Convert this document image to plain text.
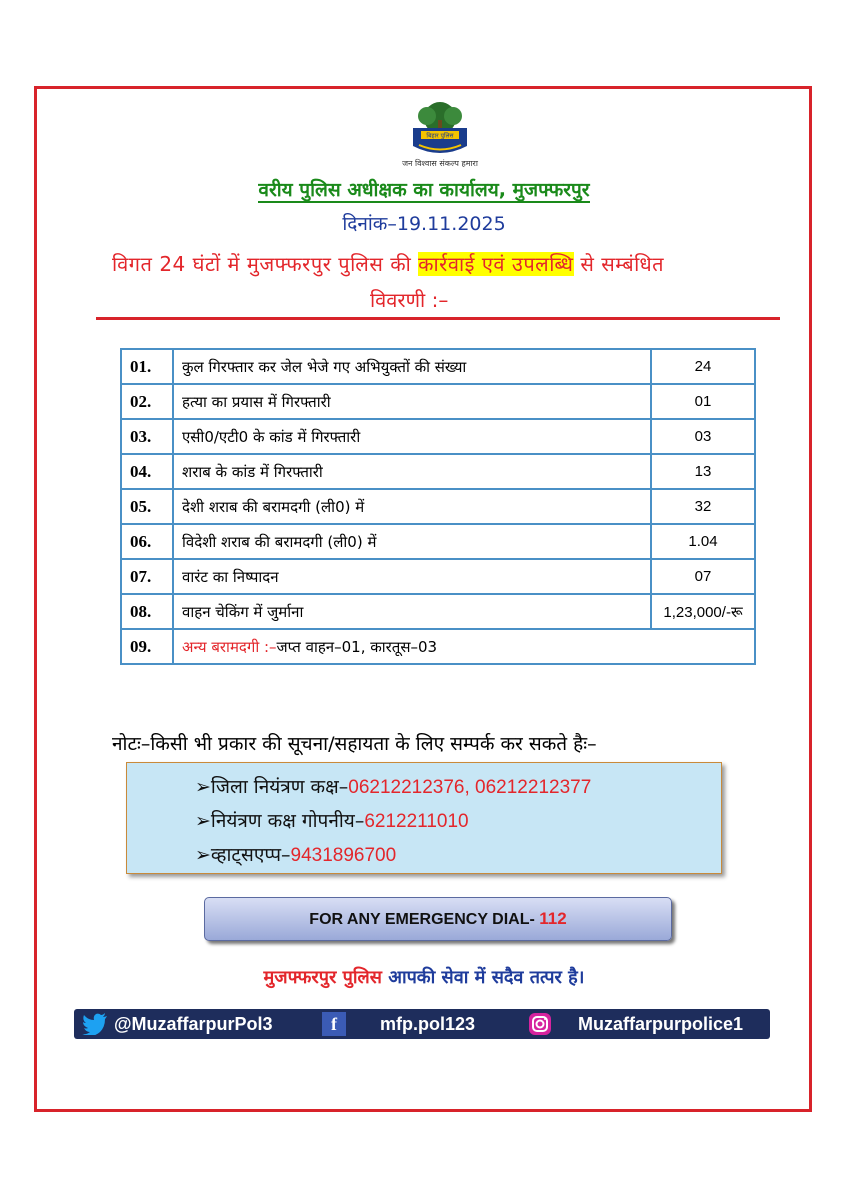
बिहार पुलिस
जन विश्वास संकल्प हमारा
वरीय पुलिस अधीक्षक का कार्यालय, मुजफ्फरपुर
दिनांक–19.11.2025
विगत 24 घंटों में मुजफ्फरपुर पुलिस की कार्रवाई एवं उपलब्धि से सम्बंधित
विवरणी :–
01.	कुल गिरफ्तार कर जेल भेजे गए अभियुक्तों की संख्या	24
02.	हत्या का प्रयास में गिरफ्तारी	01
03.	एसी0/एटी0 के कांड में गिरफ्तारी	03
04.	शराब के कांड में गिरफ्तारी	13
05.	देशी शराब की बरामदगी (ली0) में	32
06.	विदेशी शराब की बरामदगी (ली0) में	1.04
07.	वारंट का निष्पादन	07
08.	वाहन चेकिंग में जुर्माना	1,23,000/-रू
09.	अन्य बरामदगी :–जप्त वाहन–01, कारतूस–03	
नोटः–किसी भी प्रकार की सूचना/सहायता के लिए सम्पर्क कर सकते हैः–
➢जिला नियंत्रण कक्ष–06212212376, 06212212377
➢नियंत्रण कक्ष गोपनीय–6212211010
➢व्हाट्सएप्प–9431896700
FOR ANY EMERGENCY DIAL- 112
मुजफ्फरपुर पुलिस आपकी सेवा में सदैव तत्पर है।
@MuzaffarpurPol3	f	mfp.pol123	Muzaffarpurpolice1
